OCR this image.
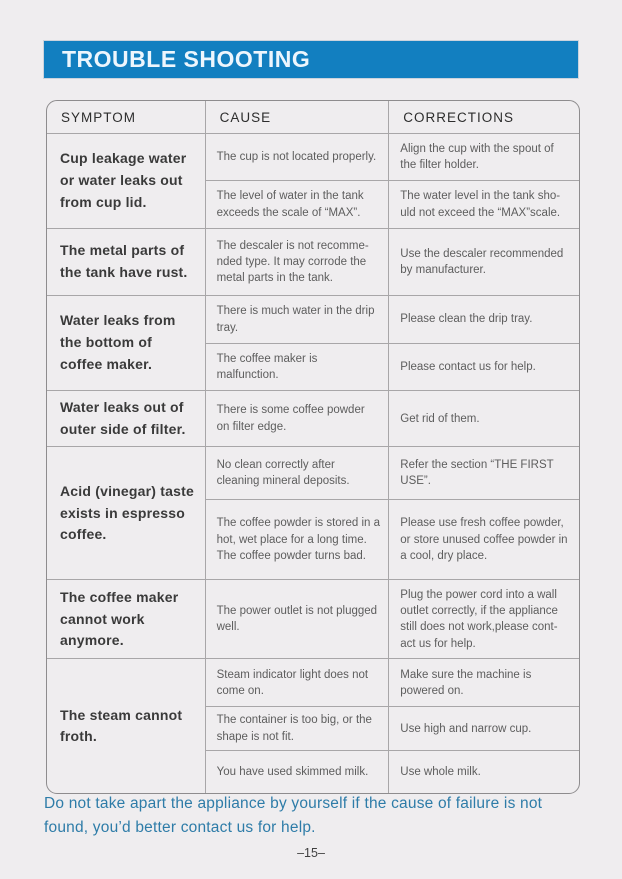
TROUBLE SHOOTING
SYMPTOM	CAUSE	CORRECTIONS
Cup leakage water or water leaks out from cup lid.	The cup is not located properly.	Align the cup with the spout of the filter holder.
	The level of water in the tank exceeds the scale of “MAX”.	The water level in the tank sho-uld not exceed the “MAX”scale.
The metal parts of the tank have rust.	The descaler is not recomme-nded type. It may corrode the metal parts in the tank.	Use the descaler recommended by manufacturer.
Water leaks from the bottom of coffee maker.	There is much water in the drip tray.	Please clean the drip tray.
	The coffee maker is malfunction.	Please contact us for help.
Water leaks out of outer side of filter.	There is some coffee powder on filter edge.	Get rid of them.
Acid (vinegar) taste exists in espresso coffee.	No clean correctly after cleaning mineral deposits.	Refer the section “THE FIRST USE”.
	The coffee powder is stored in a hot, wet place for a long time. The coffee powder turns bad.	Please use fresh coffee powder, or store unused coffee powder in a cool, dry place.
The coffee maker cannot work anymore.	The power outlet is not plugged well.	Plug the power cord into a wall outlet correctly, if the appliance still does not work,please cont-act us for help.
The steam cannot froth.	Steam indicator light does not come on.	Make sure the machine is powered on.
	The container is too big, or the shape is not fit.	Use high and narrow cup.
	You have used skimmed milk.	Use whole milk.

Do not take apart the appliance by yourself if the cause of failure is not found, you’d better contact us for help.

–15–
